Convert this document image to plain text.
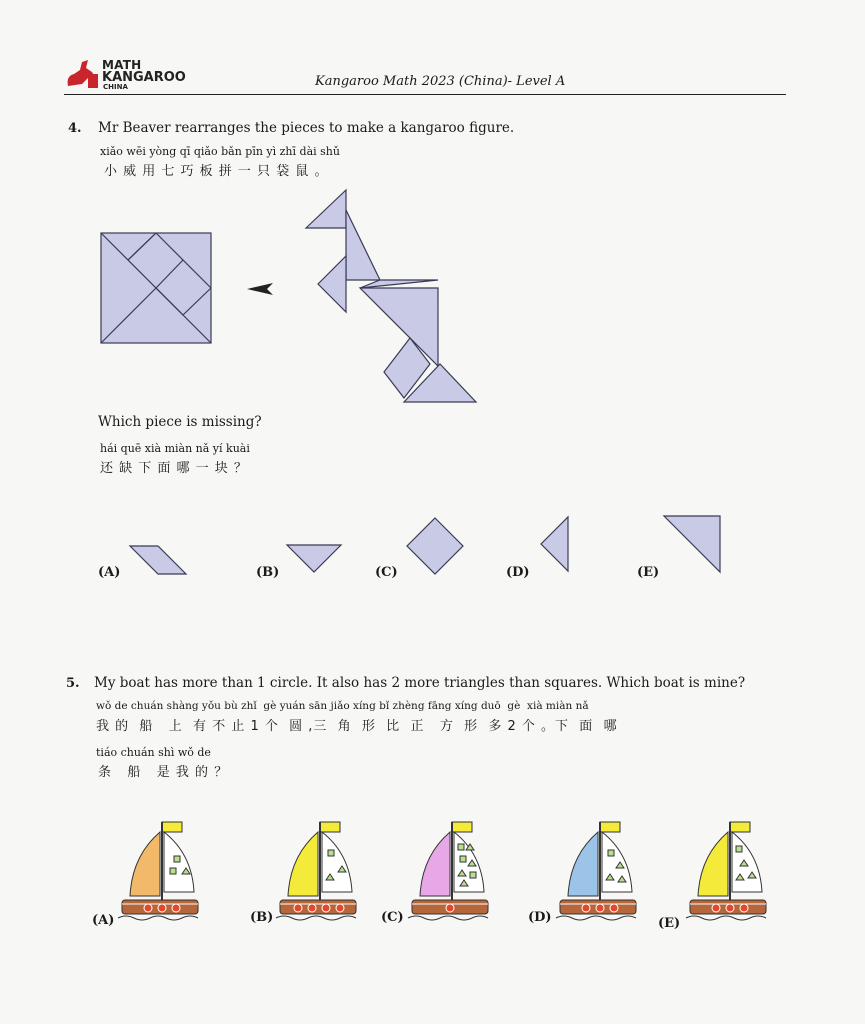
MATH
KANGAROO
CHINA	Kangaroo Math 2023 (China)- Level A
4. Mr Beaver rearranges the pieces to make a kangaroo figure.
xiǎo wēi yòng qī qiǎo bǎn pīn yì zhī dài shǔ
小 威 用 七 巧 板 拼 一 只 袋 鼠 。
Which piece is missing?
hái quē xià miàn nǎ yí kuài
还 缺 下 面 哪 一 块 ？
(A)	(B)	(C)	(D)	(E)
5. My boat has more than 1 circle. It also has 2 more triangles than squares. Which boat is mine?
wǒ de chuán shàng yǒu bù zhǐ  gè yuán sān jiǎo xíng bǐ zhèng fāng xíng duō  gè  xià miàn nǎ
我 的  船   上  有 不 止 1 个  圆 ,三  角  形  比  正   方  形  多 2 个 。下  面  哪
tiáo chuán shì wǒ de
条   船   是 我 的 ？
(A)	(B)	(C)	(D)	(E)
